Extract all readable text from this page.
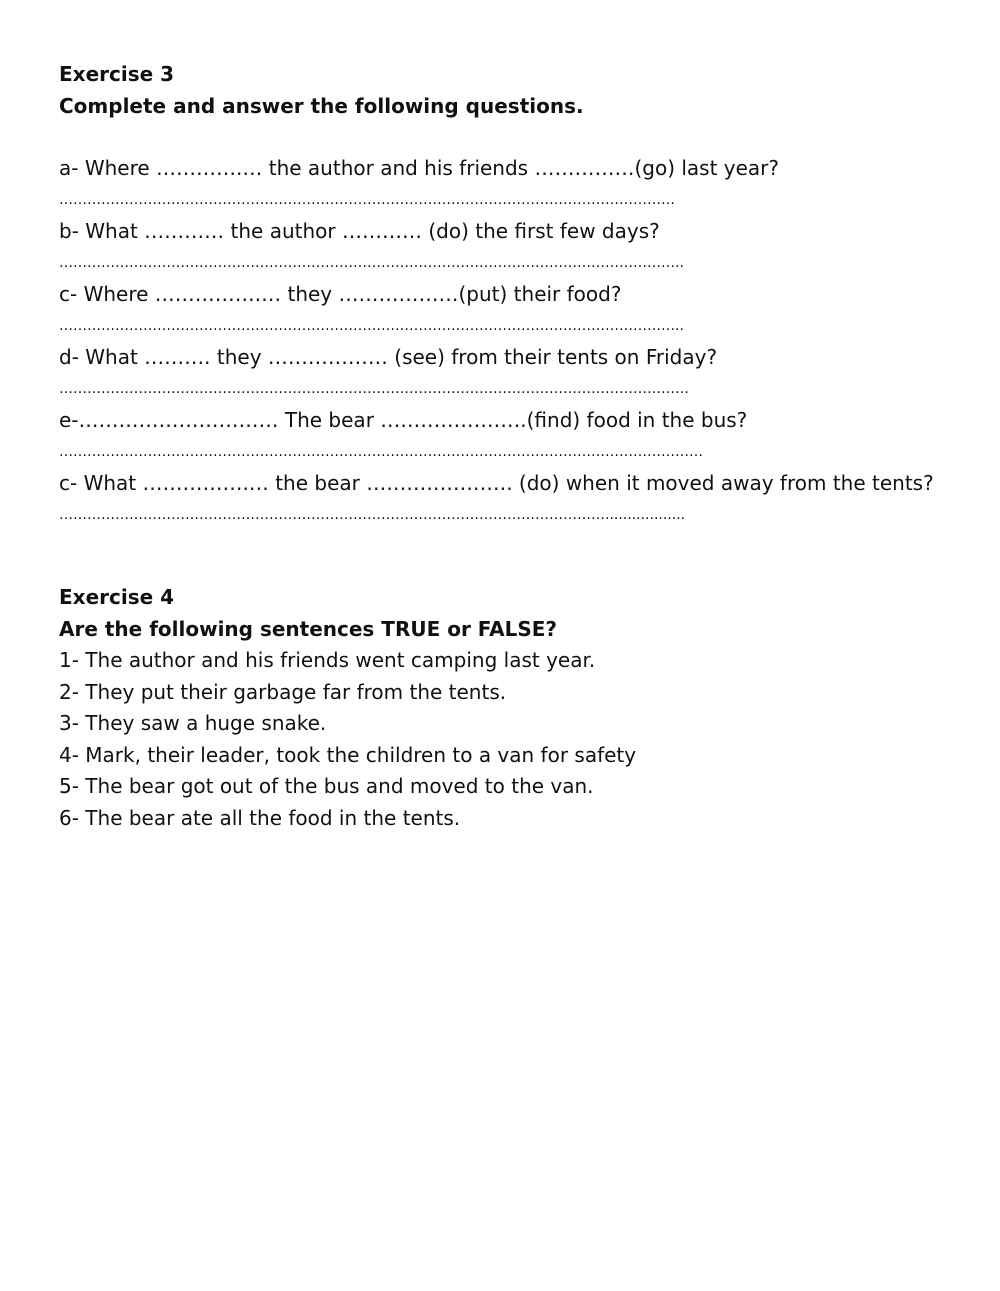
Exercise 3
Complete and answer the following questions.
a- Where ………….… the author and his friends ……………(go) last year?
……………………………………………………………………………………………………………………
b- What ………… the author ………… (do) the first few days?
……………………………………………………………………………………………………………………..
c- Where …………….… they ………………(put) their food?
……………………………………………………………………………………………………………………..
d- What ………. they ……………… (see) from their tents on Friday?
………………………………………………………………………………………………………………………
e-………………………… The bear ………………….(find) food in the bus?
…………………………………………………………………………………………………………………………
c- What …………….… the bear …………………. (do) when it moved away from the tents?
………………………………………………………………………………………………………..................
Exercise 4
Are the following sentences TRUE or FALSE?
1- The author and his friends went camping last year.
2- They put their garbage far from the tents.
3- They saw a huge snake.
4- Mark, their leader, took the children to a van for safety
5- The bear got out of the bus and moved to the van.
6- The bear ate all the food in the tents.
